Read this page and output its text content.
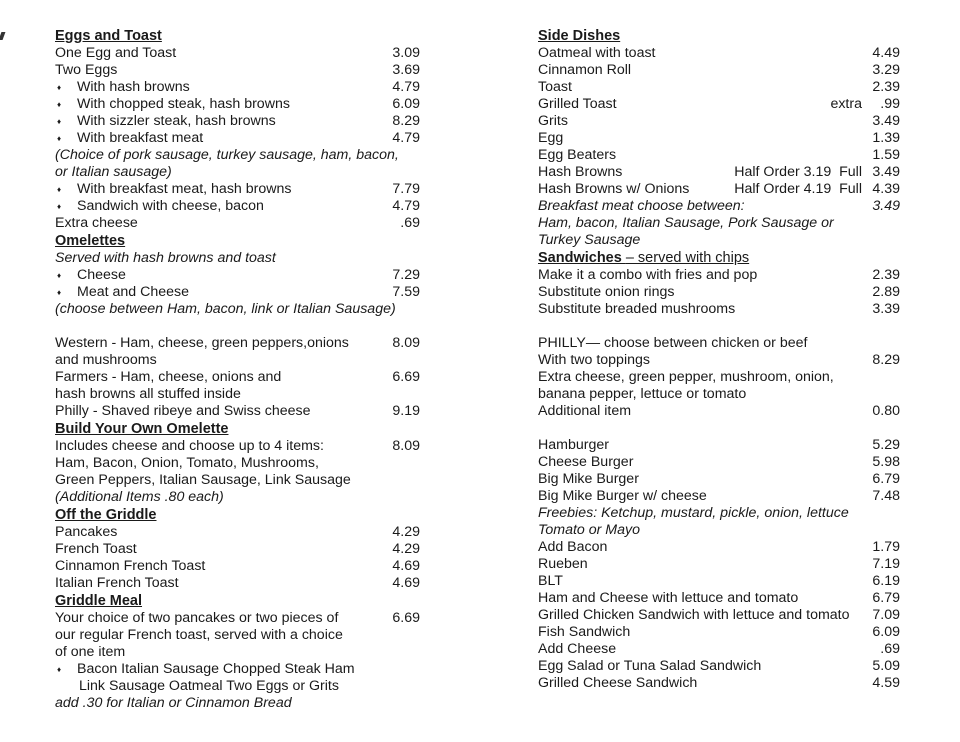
Eggs and Toast
One Egg and Toast	3.09
Two Eggs	3.69
♦ With hash browns	4.79
♦ With chopped steak, hash browns	6.09
♦ With sizzler steak, hash browns	8.29
♦ With breakfast meat	4.79
(Choice of pork sausage, turkey sausage, ham, bacon,
or Italian sausage)
♦ With breakfast meat, hash browns	7.79
♦ Sandwich with cheese, bacon	4.79
Extra cheese	.69
Omelettes
Served with hash browns and toast
♦ Cheese	7.29
♦ Meat and Cheese	7.59
(choose between Ham, bacon, link or Italian Sausage)
Western - Ham, cheese, green peppers,onions	8.09
and mushrooms
Farmers - Ham, cheese, onions and	6.69
hash browns all stuffed inside
Philly - Shaved ribeye and Swiss cheese	9.19
Build Your Own Omelette
Includes cheese and choose up to 4 items:	8.09
Ham, Bacon, Onion, Tomato, Mushrooms,
Green Peppers, Italian Sausage, Link Sausage
(Additional Items .80 each)
Off the Griddle
Pancakes	4.29
French Toast	4.29
Cinnamon French Toast	4.69
Italian French Toast	4.69
Griddle Meal
Your choice of two pancakes or two pieces of	6.69
our regular French toast, served with a choice
of one item
♦ Bacon Italian Sausage Chopped Steak Ham
Link Sausage Oatmeal Two Eggs or Grits
add .30 for Italian or Cinnamon Bread
Side Dishes
Oatmeal with toast	4.49
Cinnamon Roll	3.29
Toast	2.39
Grilled Toast	extra .99
Grits	3.49
Egg	1.39
Egg Beaters	1.59
Hash Browns	Half Order 3.19  Full 3.49
Hash Browns w/ Onions	Half Order 4.19  Full 4.39
Breakfast meat choose between:	3.49
Ham, bacon, Italian Sausage, Pork Sausage or
Turkey Sausage
Sandwiches – served with chips
Make it a combo with fries and pop	2.39
Substitute onion rings	2.89
Substitute breaded mushrooms	3.39
PHILLY— choose between chicken or beef
With two toppings	8.29
Extra cheese, green pepper, mushroom, onion,
banana pepper, lettuce or tomato
Additional item	0.80
Hamburger	5.29
Cheese Burger	5.98
Big Mike Burger	6.79
Big Mike Burger w/ cheese	7.48
Freebies: Ketchup, mustard, pickle, onion, lettuce
Tomato or Mayo
Add Bacon	1.79
Rueben	7.19
BLT	6.19
Ham and Cheese with lettuce and tomato	6.79
Grilled Chicken Sandwich with lettuce and tomato 7.09
Fish Sandwich	6.09
Add Cheese	.69
Egg Salad or Tuna Salad Sandwich	5.09
Grilled Cheese Sandwich	4.59
